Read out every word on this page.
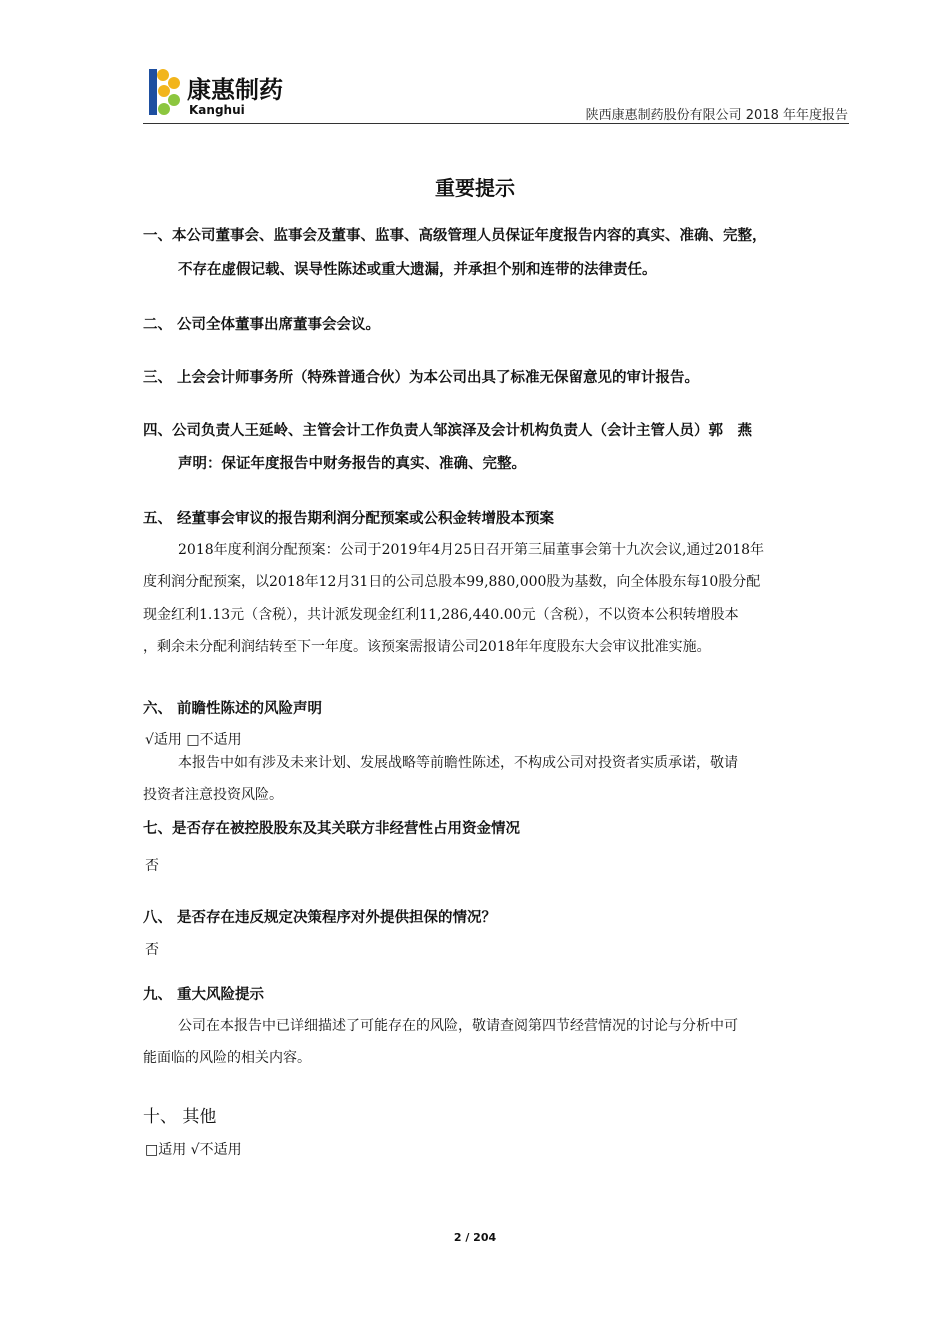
康惠制药
Kanghui	陕西康惠制药股份有限公司 2018 年年度报告
重要提示
一、本公司董事会、监事会及董事、监事、高级管理人员保证年度报告内容的真实、准确、完整，
不存在虚假记载、误导性陈述或重大遗漏，并承担个别和连带的法律责任。
二、 公司全体董事出席董事会会议。
三、 上会会计师事务所（特殊普通合伙）为本公司出具了标准无保留意见的审计报告。
四、公司负责人王延岭、主管会计工作负责人邹滨泽及会计机构负责人（会计主管人员）郭　燕
声明：保证年度报告中财务报告的真实、准确、完整。
五、 经董事会审议的报告期利润分配预案或公积金转增股本预案
2018年度利润分配预案：公司于2019年4月25日召开第三届董事会第十九次会议,通过2018年
度利润分配预案，以2018年12月31日的公司总股本99,880,000股为基数，向全体股东每10股分配
现金红利1.13元（含税），共计派发现金红利11,286,440.00元（含税），不以资本公积转增股本
，剩余未分配利润结转至下一年度。该预案需报请公司2018年年度股东大会审议批准实施。
六、 前瞻性陈述的风险声明
√适用 □不适用
本报告中如有涉及未来计划、发展战略等前瞻性陈述，不构成公司对投资者实质承诺，敬请
投资者注意投资风险。
七、是否存在被控股股东及其关联方非经营性占用资金情况
否
八、 是否存在违反规定决策程序对外提供担保的情况？
否
九、 重大风险提示
公司在本报告中已详细描述了可能存在的风险，敬请查阅第四节经营情况的讨论与分析中可
能面临的风险的相关内容。
十、 其他
□适用 √不适用
2 / 204
